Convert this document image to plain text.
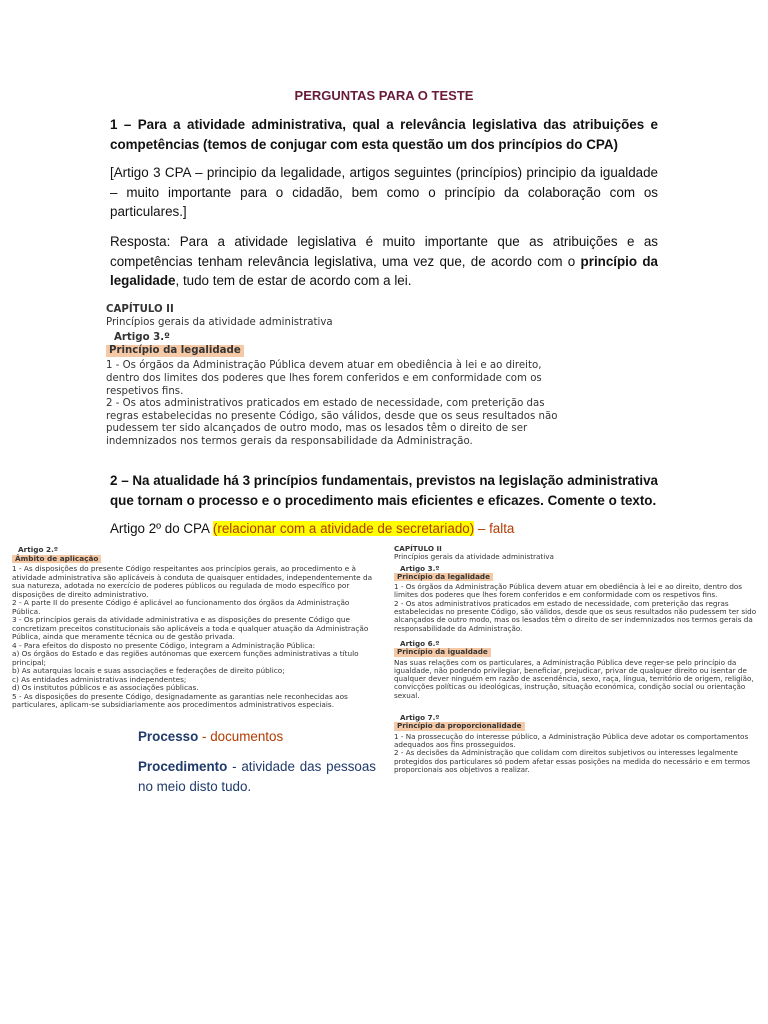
PERGUNTAS PARA O TESTE
1 – Para a atividade administrativa, qual a relevância legislativa das atribuições e competências (temos de conjugar com esta questão um dos princípios do CPA)
[Artigo 3 CPA – principio da legalidade, artigos seguintes (princípios) principio da igualdade – muito importante para o cidadão, bem como o princípio da colaboração com os particulares.]
Resposta: Para a atividade legislativa é muito importante que as atribuições e as competências tenham relevância legislativa, uma vez que, de acordo com o princípio da legalidade, tudo tem de estar de acordo com a lei.

CAPÍTULO II

Princípios gerais da atividade administrativa

Artigo 3.º

Princípio da legalidade

1 - Os órgãos da Administração Pública devem atuar em obediência à lei e ao direito, dentro dos limites dos poderes que lhes forem conferidos e em conformidade com os respetivos fins.

2 - Os atos administrativos praticados em estado de necessidade, com preterição das regras estabelecidas no presente Código, são válidos, desde que os seus resultados não pudessem ter sido alcançados de outro modo, mas os lesados têm o direito de ser indemnizados nos termos gerais da responsabilidade da Administração.

2 – Na atualidade há 3 princípios fundamentais, previstos na legislação administrativa que tornam o processo e o procedimento mais eficientes e eficazes. Comente o texto.
Artigo 2º do CPA (relacionar com a atividade de secretariado) – falta

Artigo 2.º

Âmbito de aplicação

1 - As disposições do presente Código respeitantes aos princípios gerais, ao procedimento e à atividade administrativa são aplicáveis à conduta de quaisquer entidades, independentemente da sua natureza, adotada no exercício de poderes públicos ou regulada de modo específico por disposições de direito administrativo.

2 - A parte II do presente Código é aplicável ao funcionamento dos órgãos da Administração Pública.

3 - Os princípios gerais da atividade administrativa e as disposições do presente Código que concretizam preceitos constitucionais são aplicáveis a toda e qualquer atuação da Administração Pública, ainda que meramente técnica ou de gestão privada.

4 - Para efeitos do disposto no presente Código, integram a Administração Pública:

a) Os órgãos do Estado e das regiões autónomas que exercem funções administrativas a título principal;

b) As autarquias locais e suas associações e federações de direito público;

c) As entidades administrativas independentes;

d) Os institutos públicos e as associações públicas.

5 - As disposições do presente Código, designadamente as garantias nele reconhecidas aos particulares, aplicam-se subsidiariamente aos procedimentos administrativos especiais.

CAPÍTULO II

Princípios gerais da atividade administrativa

Artigo 3.º

Princípio da legalidade

1 - Os órgãos da Administração Pública devem atuar em obediência à lei e ao direito, dentro dos limites dos poderes que lhes forem conferidos e em conformidade com os respetivos fins.

2 - Os atos administrativos praticados em estado de necessidade, com preterição das regras estabelecidas no presente Código, são válidos, desde que os seus resultados não pudessem ter sido alcançados de outro modo, mas os lesados têm o direito de ser indemnizados nos termos gerais da responsabilidade da Administração.

Artigo 6.º

Princípio da igualdade

Nas suas relações com os particulares, a Administração Pública deve reger-se pelo princípio da igualdade, não podendo privilegiar, beneficiar, prejudicar, privar de qualquer direito ou isentar de qualquer dever ninguém em razão de ascendência, sexo, raça, língua, território de origem, religião, convicções políticas ou ideológicas, instrução, situação económica, condição social ou orientação sexual.

Artigo 7.º

Princípio da proporcionalidade

1 - Na prossecução do interesse público, a Administração Pública deve adotar os comportamentos adequados aos fins prosseguidos.

2 - As decisões da Administração que colidam com direitos subjetivos ou interesses legalmente protegidos dos particulares só podem afetar essas posições na medida do necessário e em termos proporcionais aos objetivos a realizar.

Processo - documentos
Procedimento - atividade das pessoas no meio disto tudo.
